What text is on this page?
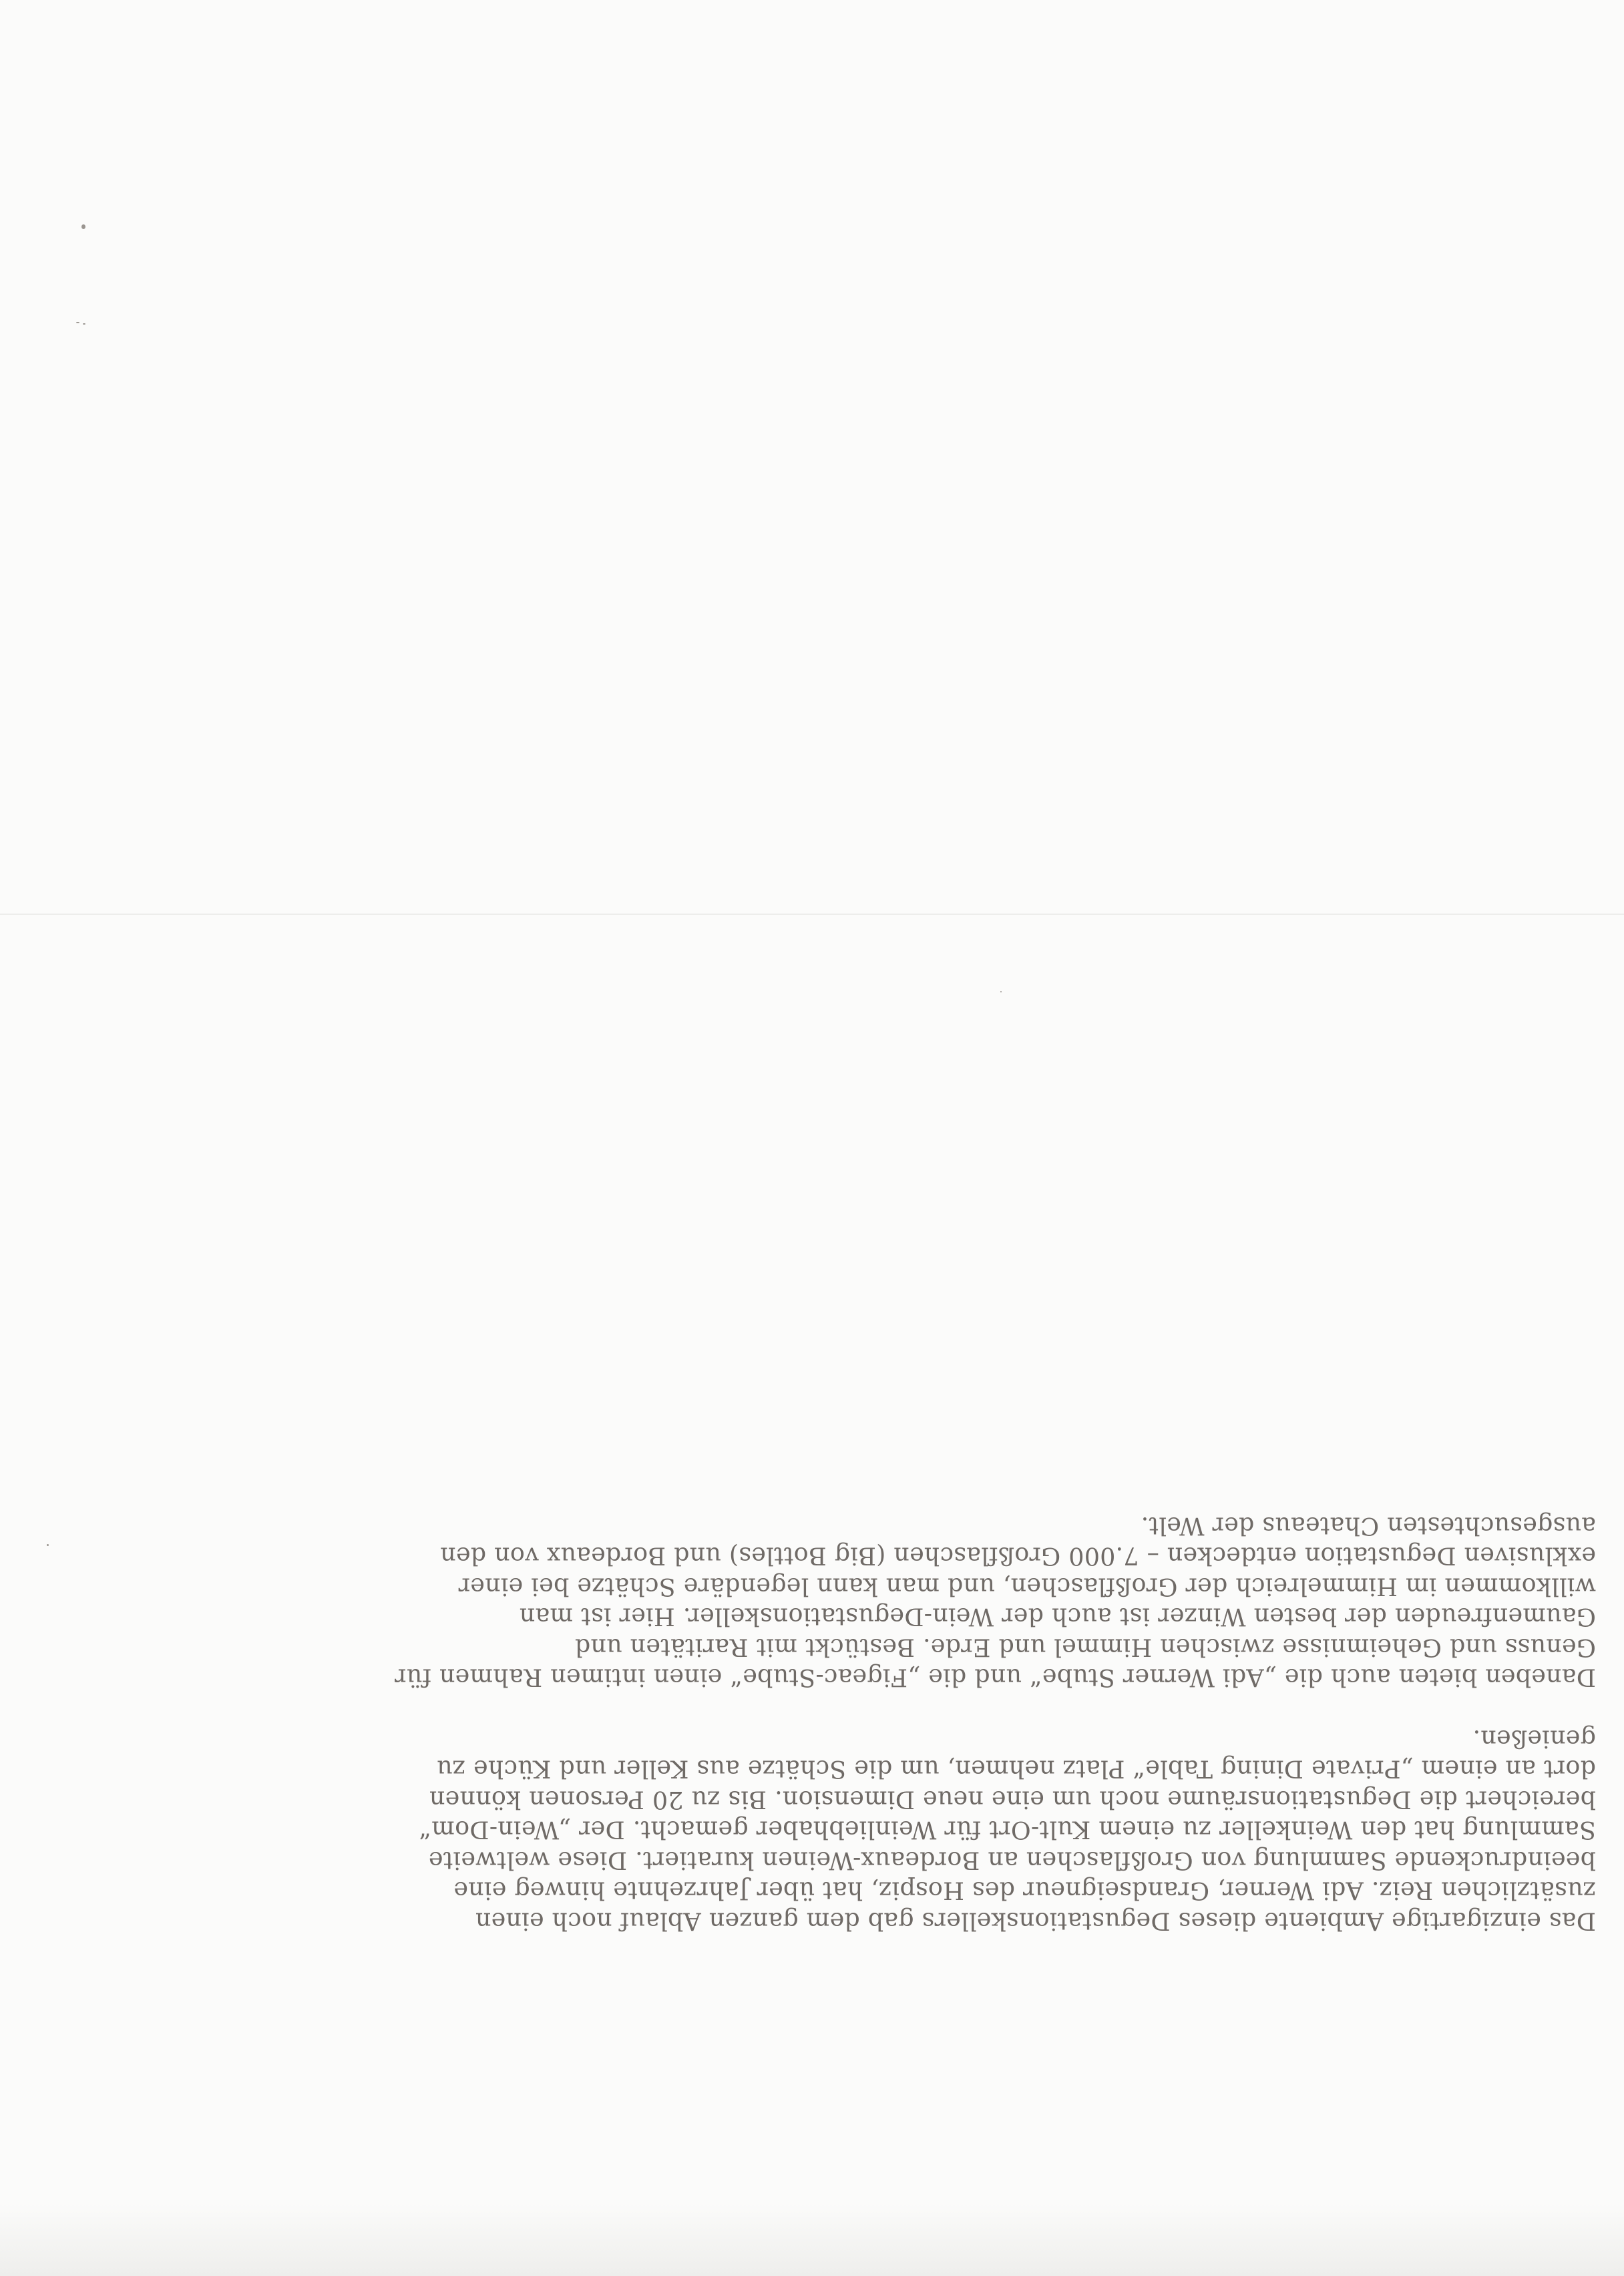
Das einzigartige Ambiente dieses Degustationskellers gab dem ganzen Ablauf noch einen
zusätzlichen Reiz. Adi Werner, Grandseigneur des Hospiz, hat über Jahrzehnte hinweg eine
beeindruckende Sammlung von Großflaschen an Bordeaux-Weinen kuratiert. Diese weltweite
Sammlung hat den Weinkeller zu einem Kult-Ort für Weinliebhaber gemacht. Der „Wein-Dom“
bereichert die Degustationsräume noch um eine neue Dimension. Bis zu 20 Personen können
dort an einem „Private Dining Table“ Platz nehmen, um die Schätze aus Keller und Küche zu
genießen.

Daneben bieten auch die „Adi Werner Stube“ und die „Figeac-Stube“ einen intimen Rahmen für
Genuss und Geheimnisse zwischen Himmel und Erde. Bestückt mit Raritäten und
Gaumenfreuden der besten Winzer ist auch der Wein-Degustationskeller. Hier ist man
willkommen im Himmelreich der Großflaschen, und man kann legendäre Schätze bei einer
exklusiven Degustation entdecken – 7.000 Großflaschen (Big Bottles) und Bordeaux von den
ausgesuchtesten Chateaus der Welt.
